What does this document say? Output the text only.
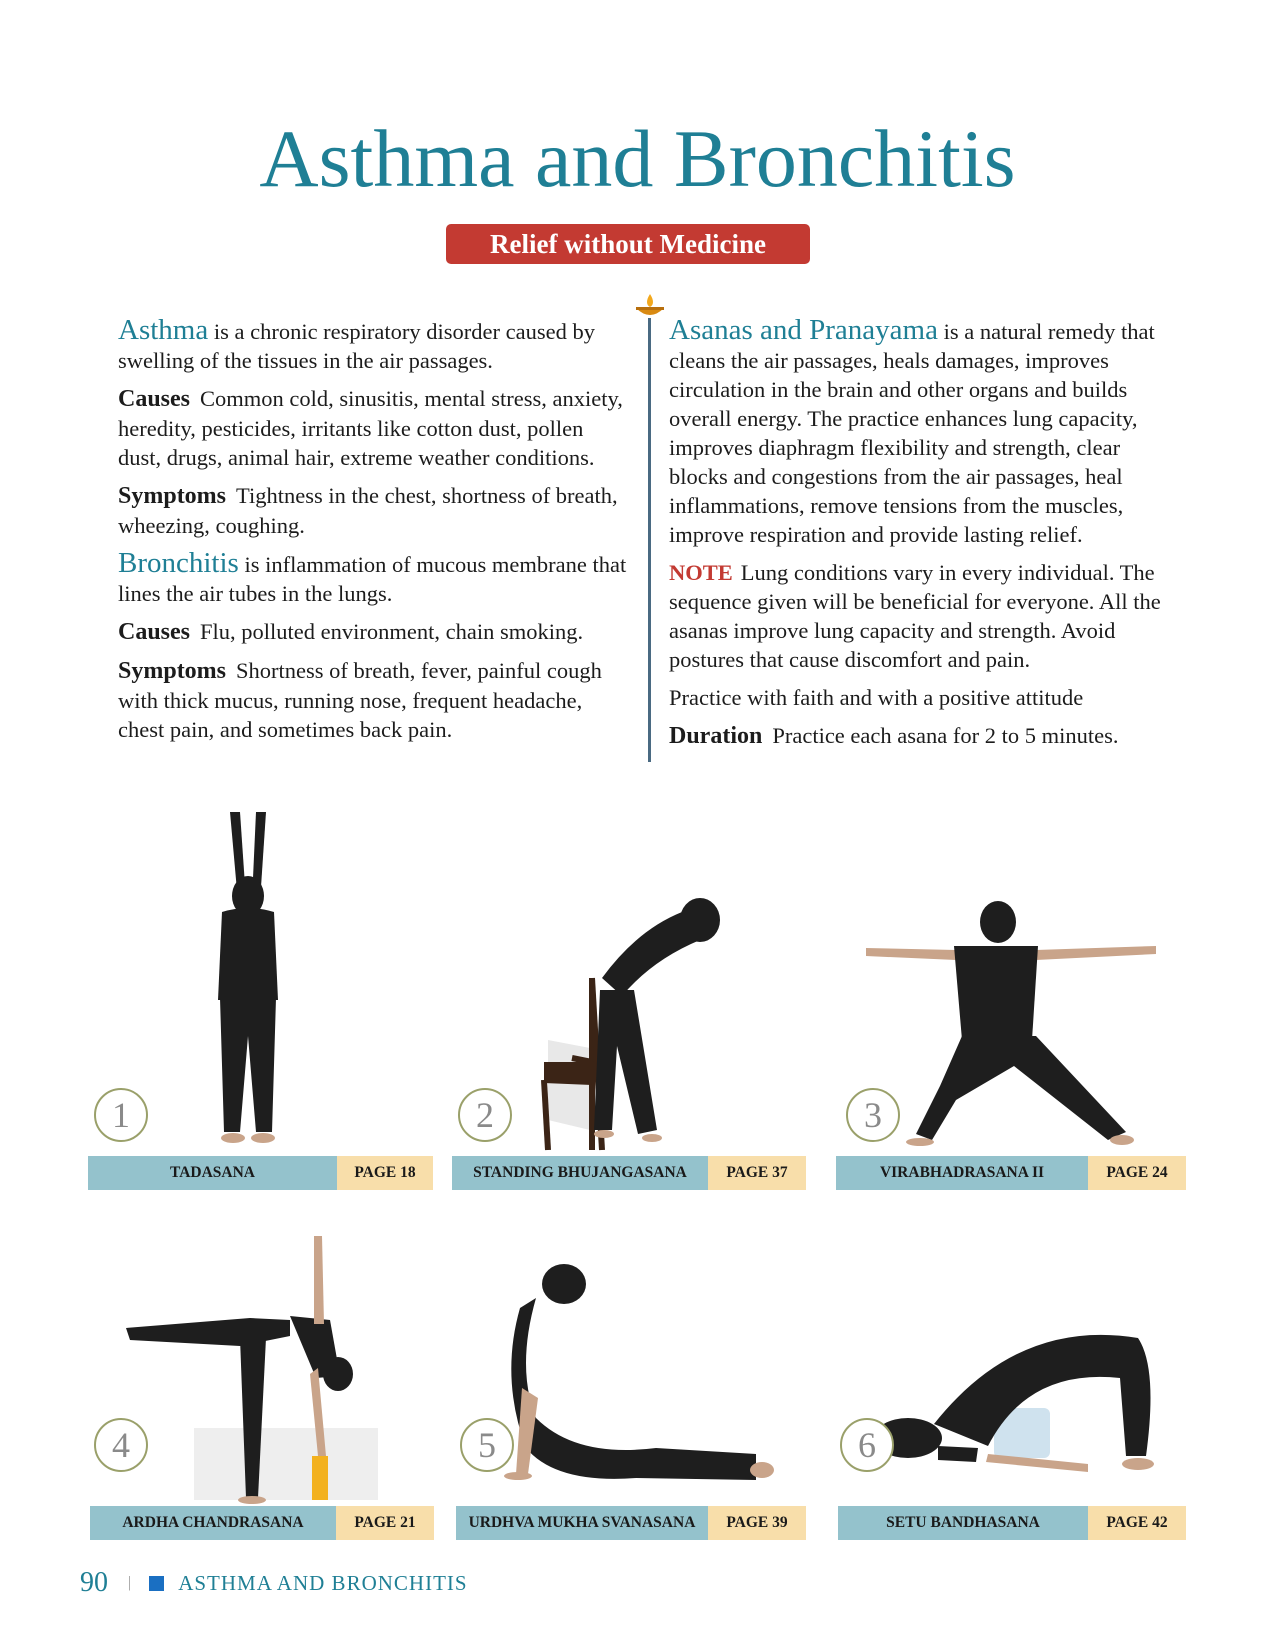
Asthma and Bronchitis
Relief without Medicine

Asthma is a chronic respiratory disorder caused by swelling of the tissues in the air passages.

Causes Common cold, sinusitis, mental stress, anxiety, heredity, pesticides, irritants like cotton dust, pollen dust, drugs, animal hair, extreme weather conditions.

Symptoms Tightness in the chest, shortness of breath, wheezing, coughing.

Bronchitis is inflammation of mucous membrane that lines the air tubes in the lungs.

Causes Flu, polluted environment, chain smoking.

Symptoms Shortness of breath, fever, painful cough with thick mucus, running nose, frequent headache, chest pain, and sometimes back pain.

Asanas and Pranayama is a natural remedy that cleans the air passages, heals damages, improves circulation in the brain and other organs and builds overall energy. The practice enhances lung capacity, improves diaphragm flexibility and strength, clear blocks and congestions from the air passages, heal inflammations, remove tensions from the muscles, improve respiration and provide lasting relief.

NOTE Lung conditions vary in every individual. The sequence given will be beneficial for everyone. All the asanas improve lung capacity and strength. Avoid postures that cause discomfort and pain.

Practice with faith and with a positive attitude

Duration Practice each asana for 2 to 5 minutes.

1
TADASANA	PAGE 18
2
STANDING BHUJANGASANA	PAGE 37
3
VIRABHADRASANA II	PAGE 24
4
ARDHA CHANDRASANA	PAGE 21
5
URDHVA MUKHA SVANASANA	PAGE 39
6
SETU BANDHASANA	PAGE 42
90 | ASTHMA AND BRONCHITIS
